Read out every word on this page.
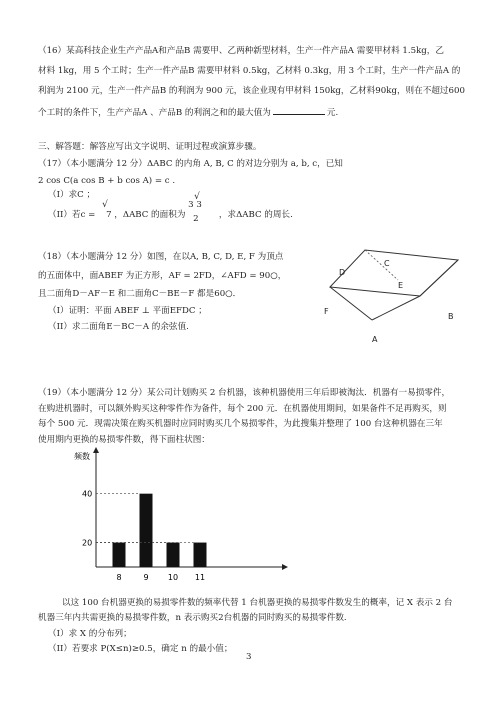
（16）某高科技企业生产产品A和产品B 需要甲、乙两种新型材料，生产一件产品A 需要甲材料 1.5kg，乙
材料 1kg，用 5 个工时；生产一件产品B 需要甲材料 0.5kg，乙材料 0.3kg，用 3 个工时，生产一件产品A 的
利润为 2100 元，生产一件产品B 的利润为 900 元，该企业现有甲材料 150kg，乙材料90kg，则在不超过600
个工时的条件下，生产产品A 、产品B 的利润之和的最大值为	元.
三、解答题：解答应写出文字说明、证明过程或演算步骤。
（17）（本小题满分 12 分）ΔABC 的内角 A, B, C 的对边分别为 a, b, c，已知
2 cos C(a cos B + b cos A) = c .
（I）求C ；
（II）若c =
√
7 ，ΔABC 的面积为
√
3 3
2 ，求ΔABC 的周长.
（18）（本小题满分 12 分）如图，在以A, B, C, D, E, F 为顶点
的五面体中，面ABEF 为正方形，AF = 2FD，∠AFD = 90○，
且二面角D－AF－E 和二面角C－BE－F 都是60○．
（I）证明：平面 ABEF ⊥ 平面EFDC ；
（II）求二面角E－BC－A 的余弦值.
D
C
E
F
B
A
（19）（本小题满分 12 分）某公司计划购买 2 台机器，该种机器使用三年后即被淘汰．机器有一易损零件，
在购进机器时，可以额外购买这种零件作为备件，每个 200 元．在机器使用期间，如果备件不足再购买，则
每个 500 元．现需决策在购买机器时应同时购买几个易损零件，为此搜集并整理了 100 台这种机器在三年
使用期内更换的易损零件数，得下面柱状图：
频数
20
40
8	9 10 11
以这 100 台机器更换的易损零件数的频率代替 1 台机器更换的易损零件数发生的概率，记 X 表示 2 台
机器三年内共需更换的易损零件数，n 表示购买2台机器的同时购买的易损零件数.
（I）求 X 的分布列；
（II）若要求 P(X≤n)≥0.5，确定 n 的最小值；
3
